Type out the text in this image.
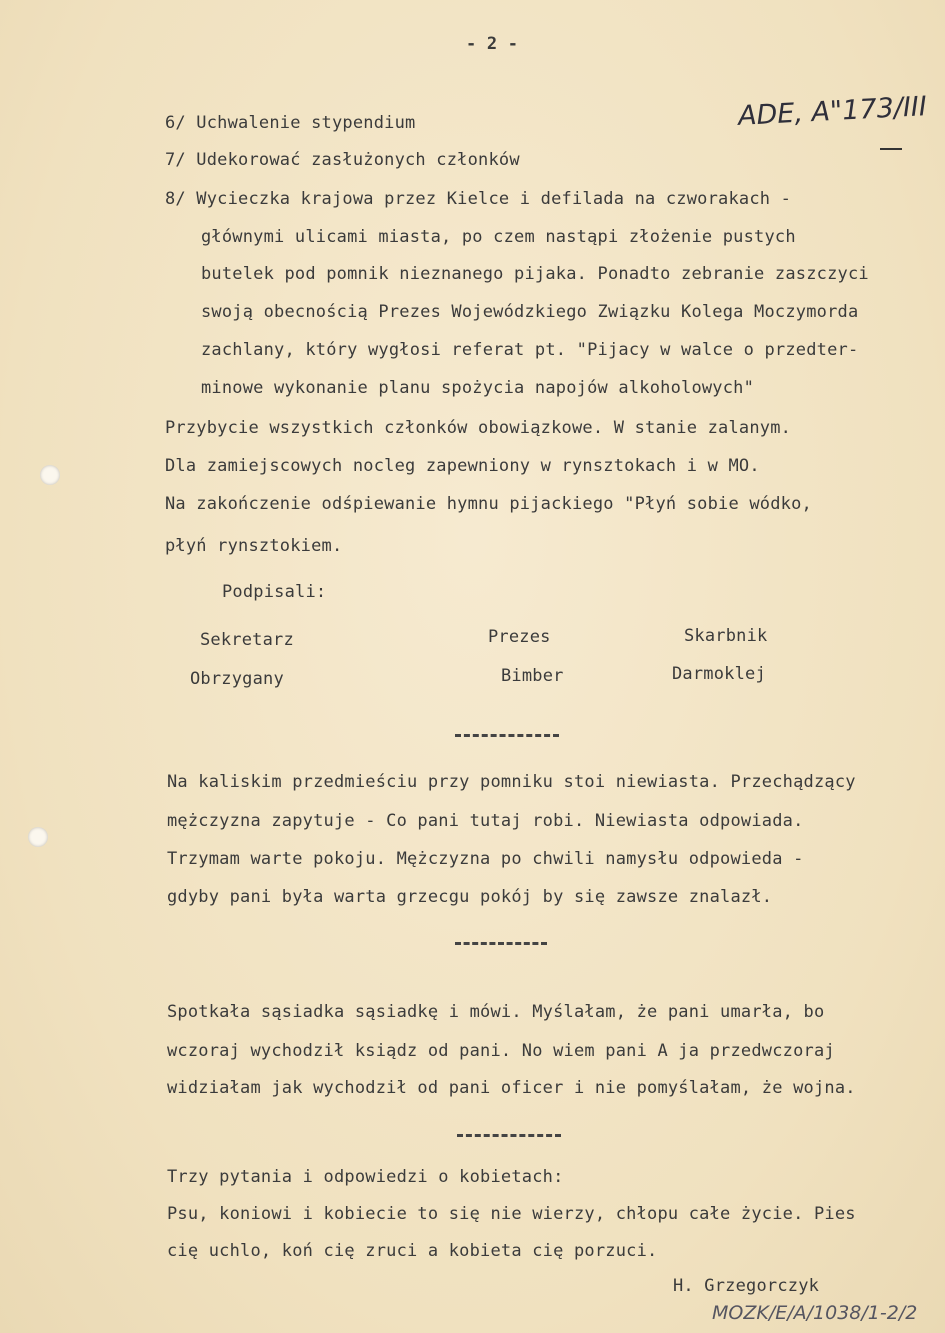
- 2 -
ADE, A"173/III
6/ Uchwalenie stypendium
7/ Udekorować zasłużonych członków
8/ Wycieczka krajowa przez Kielce i defilada na czworakach -
głównymi ulicami miasta, po czem nastąpi złożenie pustych
butelek pod pomnik nieznanego pijaka. Ponadto zebranie zaszczyci
swoją obecnością Prezes Wojewódzkiego Związku Kolega Moczymorda
zachlany, który wygłosi referat pt. "Pijacy w walce o przedter-
minowe wykonanie planu spożycia napojów alkoholowych"
Przybycie wszystkich członków obowiązkowe. W stanie zalanym.
Dla zamiejscowych nocleg zapewniony w rynsztokach i w MO.
Na zakończenie odśpiewanie hymnu pijackiego "Płyń sobie wódko,
płyń rynsztokiem.
Podpisali:
Sekretarz	Prezes	Skarbnik
Obrzygany	Bimber	Darmoklej
Na kaliskim przedmieściu przy pomniku stoi niewiasta. Przechądzący
mężczyzna zapytuje - Co pani tutaj robi. Niewiasta odpowiada.
Trzymam warte pokoju. Mężczyzna po chwili namysłu odpowieda -
gdyby pani była warta grzecgu pokój by się zawsze znalazł.
Spotkała sąsiadka sąsiadkę i mówi. Myślałam, że pani umarła, bo
wczoraj wychodził ksiądz od pani. No wiem pani A ja przedwczoraj
widziałam jak wychodził od pani oficer i nie pomyślałam, że wojna.
Trzy pytania i odpowiedzi o kobietach:
Psu, koniowi i kobiecie to się nie wierzy, chłopu całe życie. Pies
cię uchlo, koń cię zruci a kobieta cię porzuci.
H. Grzegorczyk
MOZK/E/A/1038/1-2/2
